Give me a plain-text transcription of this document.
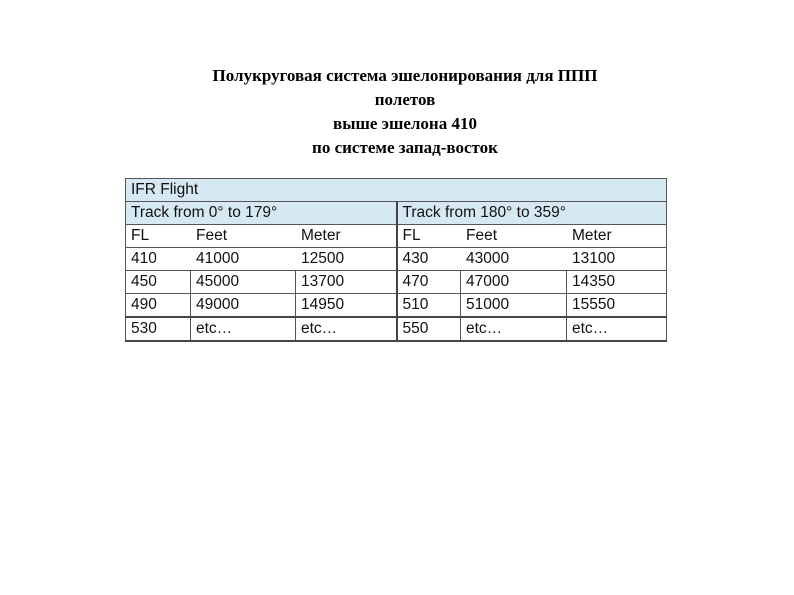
Полукруговая система эшелонирования для ППП
полетов
выше эшелона 410
по системе запад-восток
IFR Flight					
Track from 0° to 179°			Track from 180° to 359°		
FL	Feet	Meter	FL	Feet	Meter
410	41000	12500	430	43000	13100
450	45000	13700	470	47000	14350
490	49000	14950	510	51000	15550
530	etc…	etc…	550	etc…	etc…
